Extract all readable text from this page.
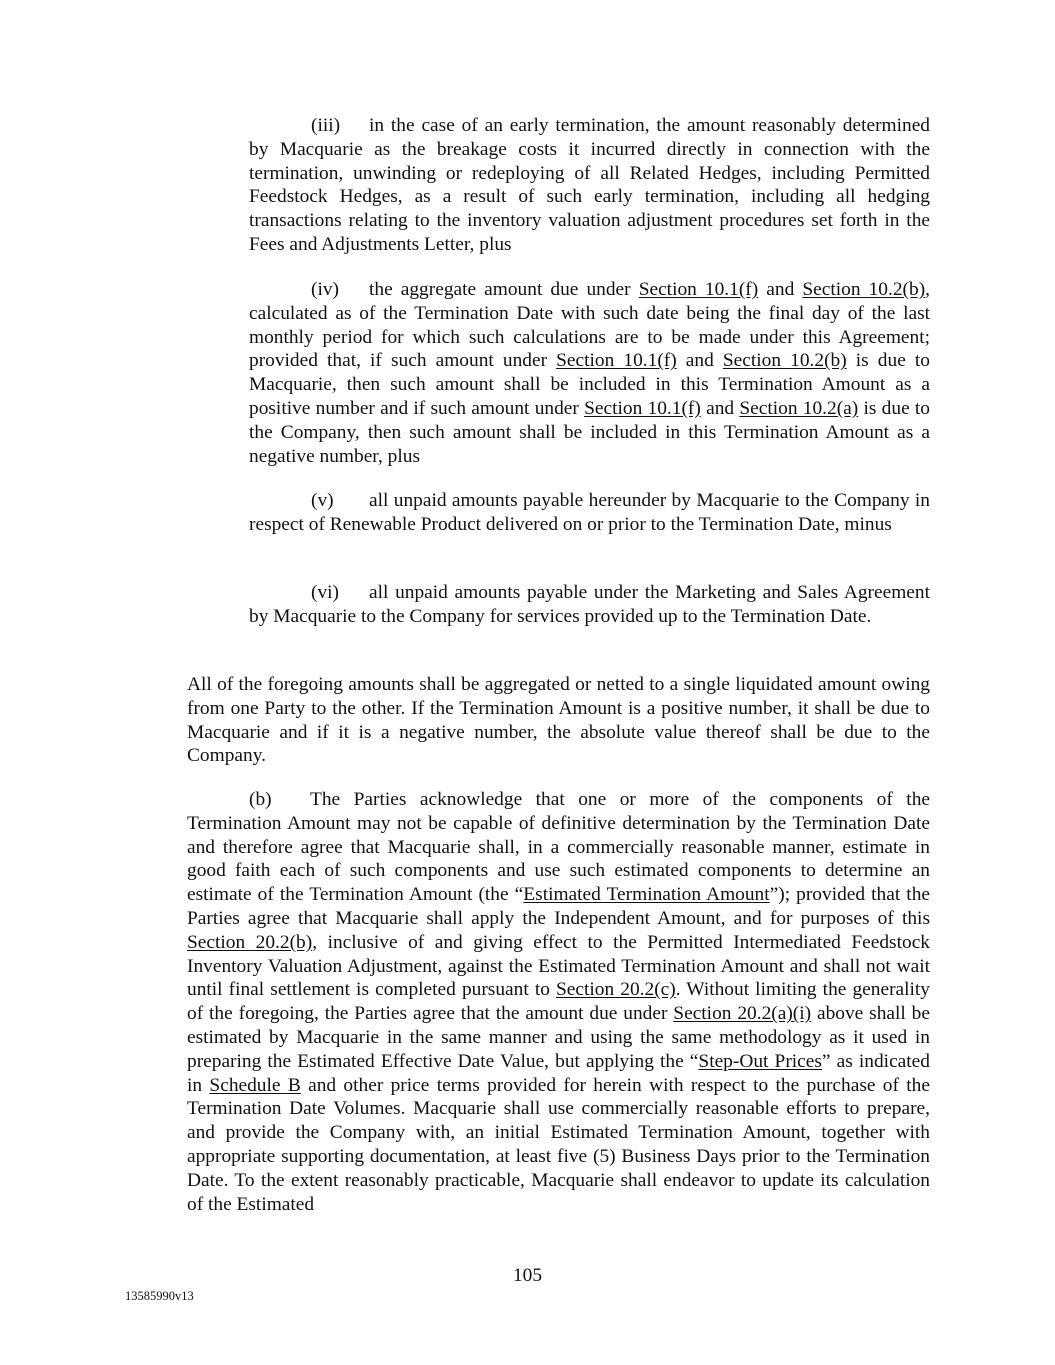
(iii) in the case of an early termination, the amount reasonably determined by Macquarie as the breakage costs it incurred directly in connection with the termination, unwinding or redeploying of all Related Hedges, including Permitted Feedstock Hedges, as a result of such early termination, including all hedging transactions relating to the inventory valuation adjustment procedures set forth in the Fees and Adjustments Letter, plus

(iv) the aggregate amount due under Section 10.1(f) and Section 10.2(b), calculated as of the Termination Date with such date being the final day of the last monthly period for which such calculations are to be made under this Agreement; provided that, if such amount under Section 10.1(f) and Section 10.2(b) is due to Macquarie, then such amount shall be included in this Termination Amount as a positive number and if such amount under Section 10.1(f) and Section 10.2(a) is due to the Company, then such amount shall be included in this Termination Amount as a negative number, plus

(v) all unpaid amounts payable hereunder by Macquarie to the Company in respect of Renewable Product delivered on or prior to the Termination Date, minus

(vi) all unpaid amounts payable under the Marketing and Sales Agreement by Macquarie to the Company for services provided up to the Termination Date.

All of the foregoing amounts shall be aggregated or netted to a single liquidated amount owing from one Party to the other. If the Termination Amount is a positive number, it shall be due to Macquarie and if it is a negative number, the absolute value thereof shall be due to the Company.

(b) The Parties acknowledge that one or more of the components of the Termination Amount may not be capable of definitive determination by the Termination Date and therefore agree that Macquarie shall, in a commercially reasonable manner, estimate in good faith each of such components and use such estimated components to determine an estimate of the Termination Amount (the “Estimated Termination Amount”); provided that the Parties agree that Macquarie shall apply the Independent Amount, and for purposes of this Section 20.2(b), inclusive of and giving effect to the Permitted Intermediated Feedstock Inventory Valuation Adjustment, against the Estimated Termination Amount and shall not wait until final settlement is completed pursuant to Section 20.2(c). Without limiting the generality of the foregoing, the Parties agree that the amount due under Section 20.2(a)(i) above shall be estimated by Macquarie in the same manner and using the same methodology as it used in preparing the Estimated Effective Date Value, but applying the “Step-Out Prices” as indicated in Schedule B and other price terms provided for herein with respect to the purchase of the Termination Date Volumes. Macquarie shall use commercially reasonable efforts to prepare, and provide the Company with, an initial Estimated Termination Amount, together with appropriate supporting documentation, at least five (5) Business Days prior to the Termination Date. To the extent reasonably practicable, Macquarie shall endeavor to update its calculation of the Estimated

105
13585990v13
